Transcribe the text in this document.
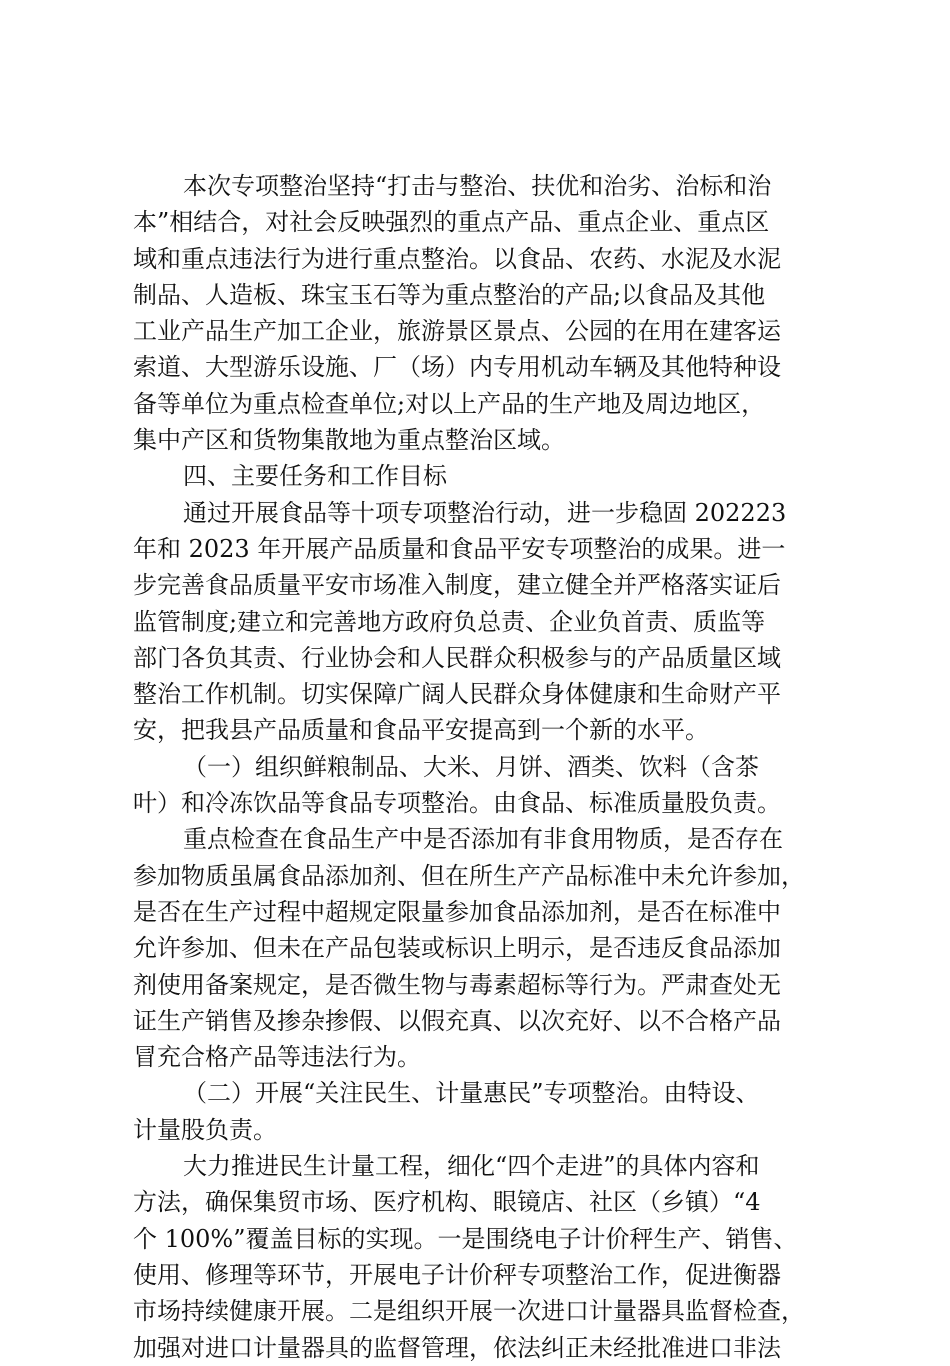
本次专项整治坚持“打击与整治、扶优和治劣、治标和治
本”相结合，对社会反映强烈的重点产品、重点企业、重点区
域和重点违法行为进行重点整治。以食品、农药、水泥及水泥
制品、人造板、珠宝玉石等为重点整治的产品;以食品及其他
工业产品生产加工企业，旅游景区景点、公园的在用在建客运
索道、大型游乐设施、厂（场）内专用机动车辆及其他特种设
备等单位为重点检查单位;对以上产品的生产地及周边地区，
集中产区和货物集散地为重点整治区域。
四、主要任务和工作目标
通过开展食品等十项专项整治行动，进一步稳固 202223
年和 2023 年开展产品质量和食品平安专项整治的成果。进一
步完善食品质量平安市场准入制度，建立健全并严格落实证后
监管制度;建立和完善地方政府负总责、企业负首责、质监等
部门各负其责、行业协会和人民群众积极参与的产品质量区域
整治工作机制。切实保障广阔人民群众身体健康和生命财产平
安，把我县产品质量和食品平安提高到一个新的水平。
（一）组织鲜粮制品、大米、月饼、酒类、饮料（含茶
叶）和冷冻饮品等食品专项整治。由食品、标准质量股负责。
重点检查在食品生产中是否添加有非食用物质，是否存在
参加物质虽属食品添加剂、但在所生产产品标准中未允许参加，
是否在生产过程中超规定限量参加食品添加剂，是否在标准中
允许参加、但未在产品包装或标识上明示，是否违反食品添加
剂使用备案规定，是否微生物与毒素超标等行为。严肃查处无
证生产销售及掺杂掺假、以假充真、以次充好、以不合格产品
冒充合格产品等违法行为。
（二）开展“关注民生、计量惠民”专项整治。由特设、
计量股负责。
大力推进民生计量工程，细化“四个走进”的具体内容和
方法，确保集贸市场、医疗机构、眼镜店、社区（乡镇）“4
个 100%”覆盖目标的实现。一是围绕电子计价秤生产、销售、
使用、修理等环节，开展电子计价秤专项整治工作，促进衡器
市场持续健康开展。二是组织开展一次进口计量器具监督检查，
加强对进口计量器具的监督管理，依法纠正未经批准进口非法
